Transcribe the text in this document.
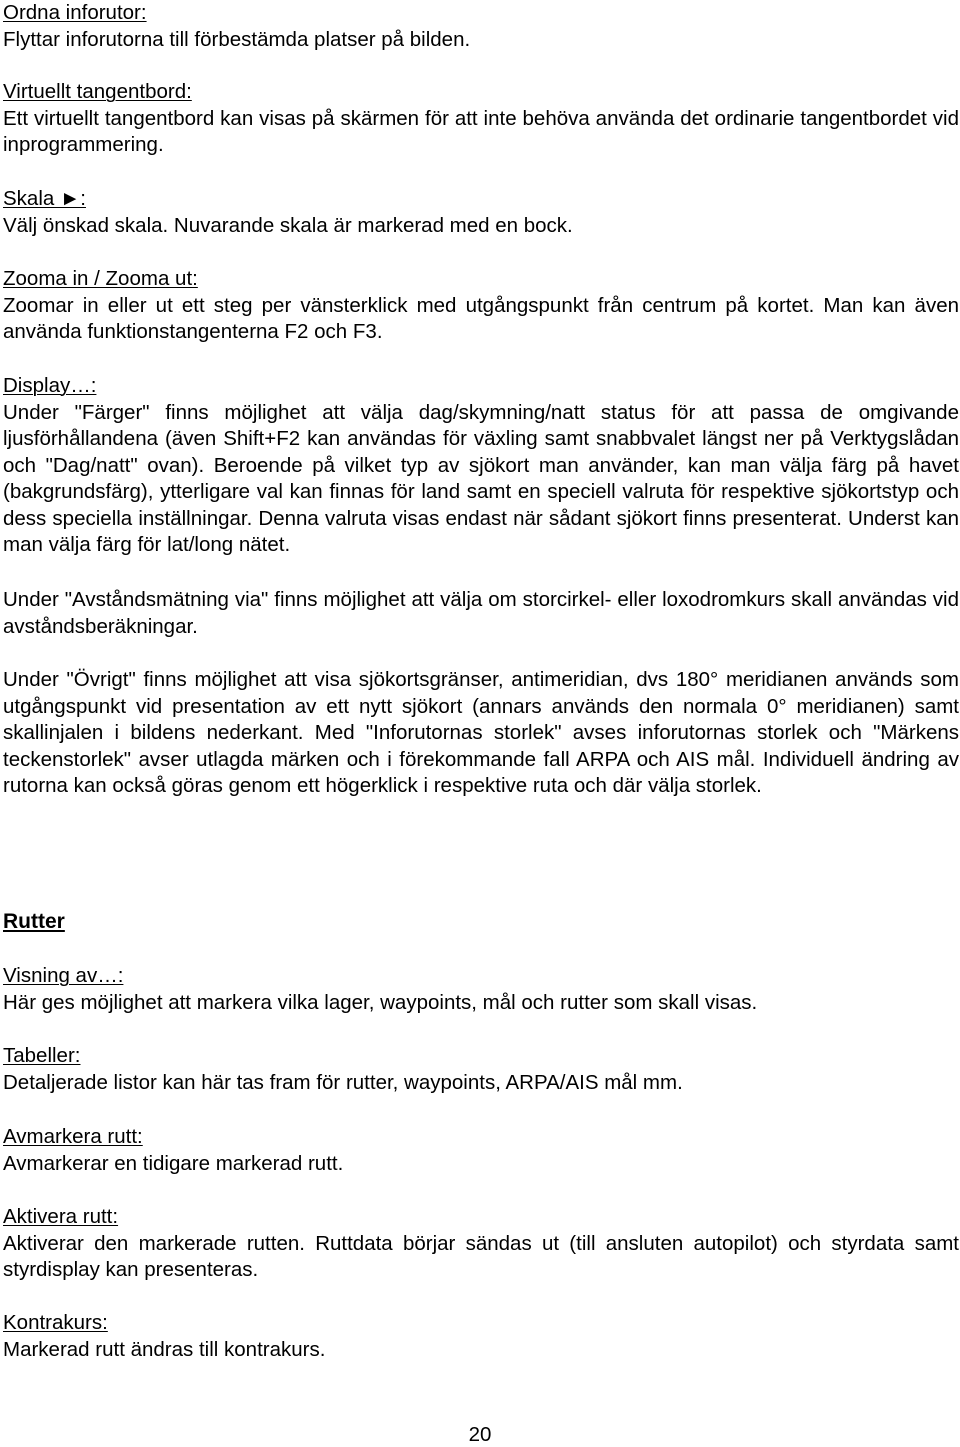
Ordna inforutor:
Flyttar inforutorna till förbestämda platser på bilden.
Virtuellt tangentbord:
Ett virtuellt tangentbord kan visas på skärmen för att inte behöva använda det ordinarie tangentbordet vid inprogrammering.
Skala ►:
Välj önskad skala. Nuvarande skala är markerad med en bock.
Zooma in / Zooma ut:
Zoomar in eller ut ett steg per vänsterklick med utgångspunkt från centrum på kortet. Man kan även använda funktionstangenterna F2 och F3.
Display…:
Under "Färger" finns möjlighet att välja dag/skymning/natt status för att passa de omgivande ljusförhållandena (även Shift+F2 kan användas för växling samt snabbvalet längst ner på Verktygslådan och "Dag/natt" ovan). Beroende på vilket typ av sjökort man använder, kan man välja färg på havet (bakgrundsfärg), ytterligare val kan finnas för land samt en speciell valruta för respektive sjökortstyp och dess speciella inställningar. Denna valruta visas endast när sådant sjökort finns presenterat. Underst kan man välja färg för lat/long nätet.
Under "Avståndsmätning via" finns möjlighet att välja om storcirkel- eller loxodromkurs skall användas vid avståndsberäkningar.
Under "Övrigt" finns möjlighet att visa sjökortsgränser, antimeridian, dvs 180° meridianen används som utgångspunkt vid presentation av ett nytt sjökort (annars används den normala 0° meridianen) samt skallinjalen i bildens nederkant. Med "Inforutornas storlek" avses inforutornas storlek och "Märkens teckenstorlek" avser utlagda märken och i förekommande fall ARPA och AIS mål. Individuell ändring av rutorna kan också göras genom ett högerklick i respektive ruta och där välja storlek.
Rutter
Visning av…:
Här ges möjlighet att markera vilka lager, waypoints, mål och rutter som skall visas.
Tabeller:
Detaljerade listor kan här tas fram för rutter, waypoints, ARPA/AIS mål mm.
Avmarkera rutt:
Avmarkerar en tidigare markerad rutt.
Aktivera rutt:
Aktiverar den markerade rutten. Ruttdata börjar sändas ut (till ansluten autopilot) och styrdata samt styrdisplay kan presenteras.
Kontrakurs:
Markerad rutt ändras till kontrakurs.
20
